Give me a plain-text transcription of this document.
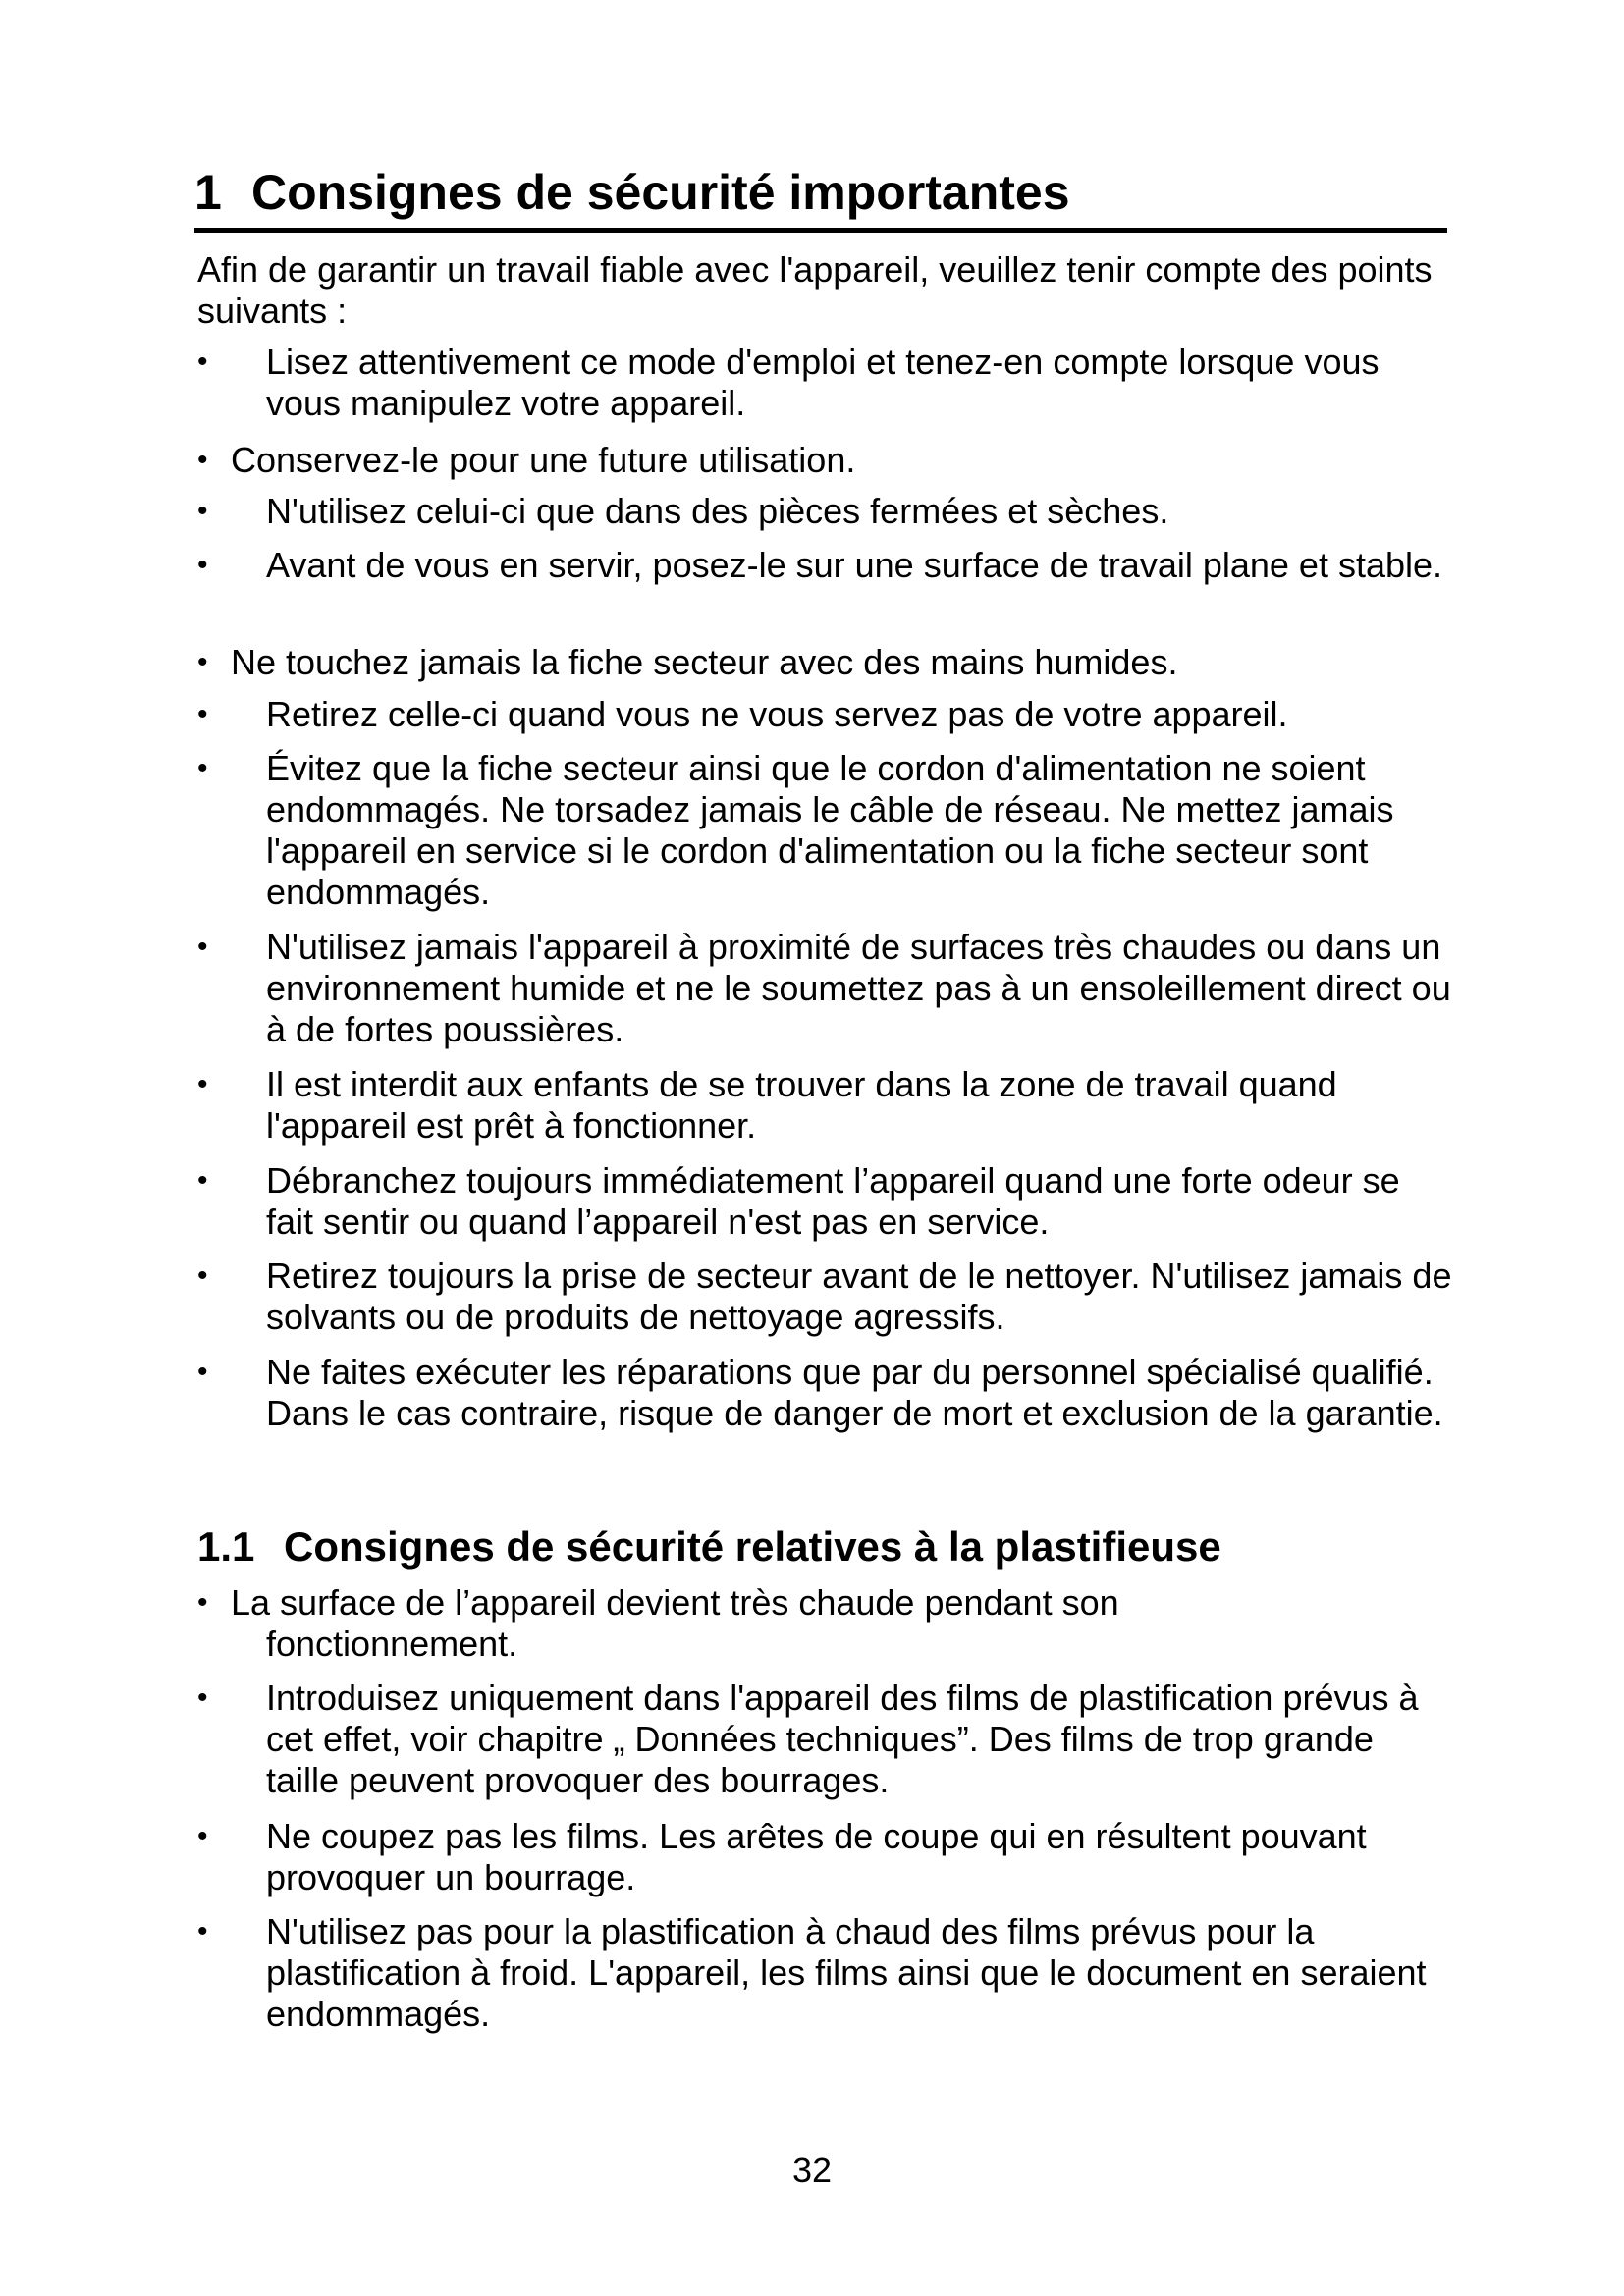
1 Consignes de sécurité importantes

Afin de garantir un travail fiable avec l'appareil, veuillez tenir compte des points suivants :

• Lisez attentivement ce mode d'emploi et tenez-en compte lorsque vous vous manipulez votre appareil.
• Conservez-le pour une future utilisation.
• N'utilisez celui-ci que dans des pièces fermées et sèches.
• Avant de vous en servir, posez-le sur une surface de travail plane et stable.
• Ne touchez jamais la fiche secteur avec des mains humides.
• Retirez celle-ci quand vous ne vous servez pas de votre appareil.
• Évitez que la fiche secteur ainsi que le cordon d'alimentation ne soient endommagés. Ne torsadez jamais le câble de réseau. Ne mettez jamais l'appareil en service si le cordon d'alimentation ou la fiche secteur sont endommagés.
• N'utilisez jamais l'appareil à proximité de surfaces très chaudes ou dans un environnement humide et ne le soumettez pas à un ensoleillement direct ou à de fortes poussières.
• Il est interdit aux enfants de se trouver dans la zone de travail quand l'appareil est prêt à fonctionner.
• Débranchez toujours immédiatement l’appareil quand une forte odeur se fait sentir ou quand l’appareil n'est pas en service.
• Retirez toujours la prise de secteur avant de le nettoyer. N'utilisez jamais de solvants ou de produits de nettoyage agressifs.
• Ne faites exécuter les réparations que par du personnel spécialisé qualifié. Dans le cas contraire, risque de danger de mort et exclusion de la garantie.
1.1 Consignes de sécurité relatives à la plastifieuse
• La surface de l’appareil devient très chaude pendant son
fonctionnement.
• Introduisez uniquement dans l'appareil des films de plastification prévus à cet effet, voir chapitre „ Données techniques”. Des films de trop grande taille peuvent provoquer des bourrages.
• Ne coupez pas les films. Les arêtes de coupe qui en résultent pouvant provoquer un bourrage.
• N'utilisez pas pour la plastification à chaud des films prévus pour la plastification à froid. L'appareil, les films ainsi que le document en seraient endommagés.
32
